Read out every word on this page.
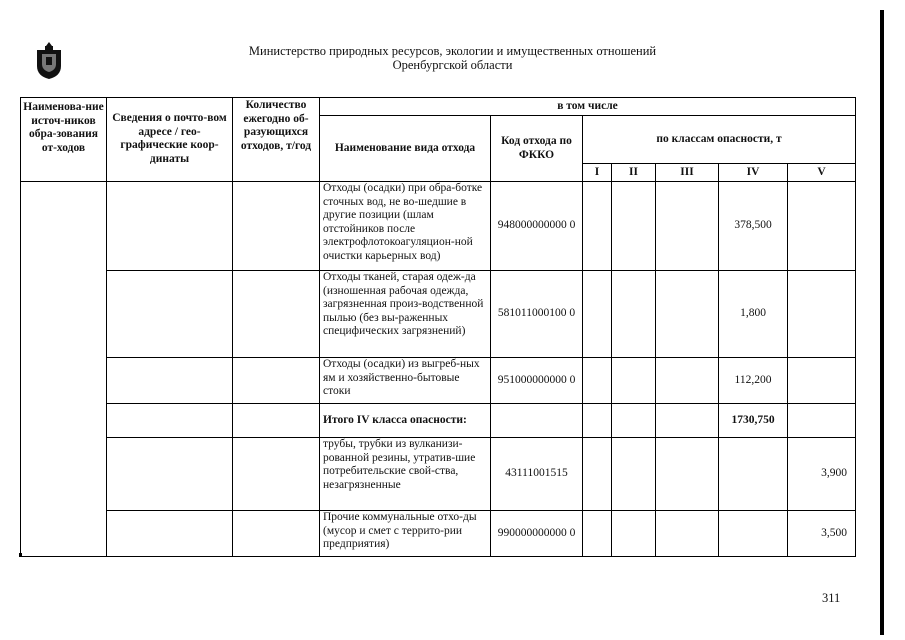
Министерство природных ресурсов, экологии и имущественных отношений
Оренбургской области
Наименова-ние источ-ников обра-зования от-ходов	Сведения о почто-вом адресе / гео-графические коор-динаты	Количество ежегодно об-разующихся отходов, т/год	в том числе						
			Наименование вида отхода	Код отхода по ФККО	по классам опасности, т				
					I	II	III	IV	V
			Отходы (осадки) при обра-ботке сточных вод, не во-шедшие в другие позиции (шлам отстойников после электрофлотокоагуляцион-ной очистки карьерных вод)	948000000000 0				378,500	
			Отходы тканей, старая одеж-да (изношенная рабочая одежда, загрязненная произ-водственной пылью (без вы-раженных специфических загрязнений)	581011000100 0				1,800	
			Отходы (осадки) из выгреб-ных ям и хозяйственно-бытовые стоки	951000000000 0				112,200	
			Итого IV класса опасности:					1730,750	
			трубы, трубки из вулканизи-рованной резины, утратив-шие потребительские свой-ства, незагрязненные	43111001515					3,900
			Прочие коммунальные отхо-ды (мусор и смет с террито-рии предприятия)	990000000000 0					3,500
311
